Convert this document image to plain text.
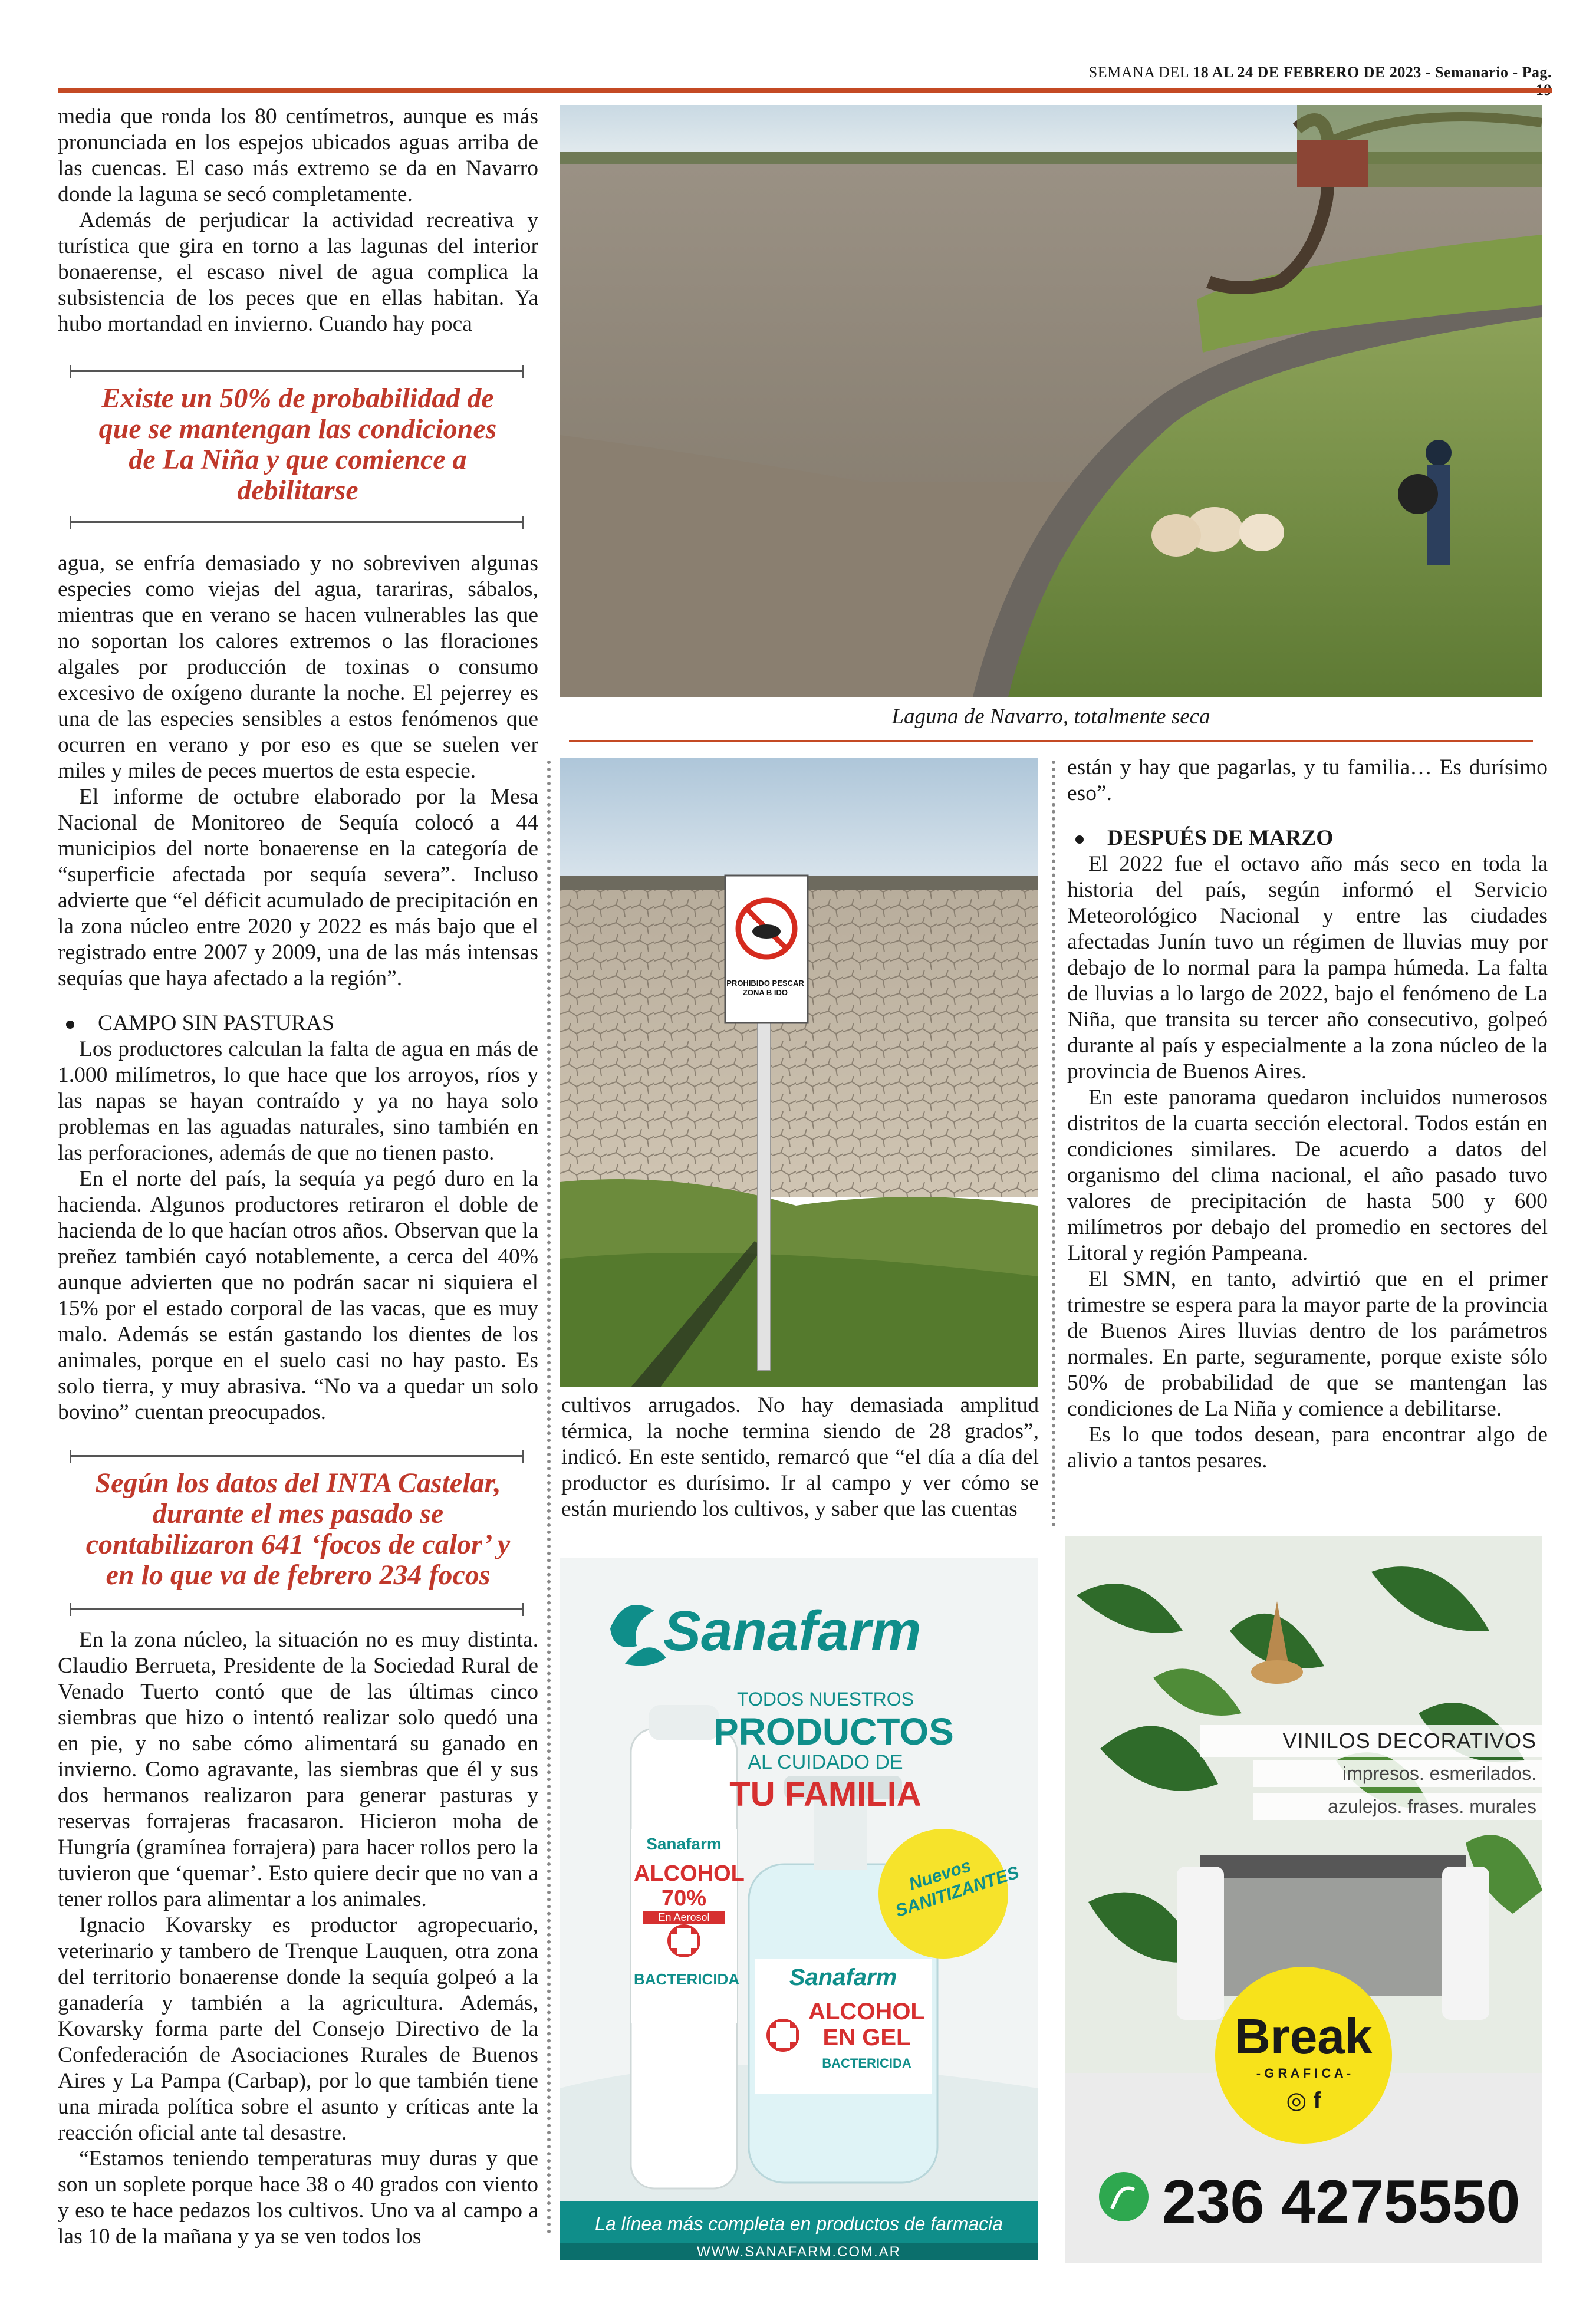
SEMANA DEL 18 AL 24 DE FEBRERO DE 2023 - Semanario - Pag.

media que ronda los 80 centímetros, aunque es más pronunciada en los espejos ubicados aguas arriba de las cuencas. El caso más extremo se da en Navarro donde la laguna se secó completamente.

Además de perjudicar la actividad recreativa y turística que gira en torno a las lagunas del interior bonaerense, el escaso nivel de agua complica la subsistencia de los peces que en ellas habitan. Ya hubo mortandad en invierno. Cuando hay poca

Existe un 50% de probabilidad de que se mantengan las condiciones de La Niña y que comience a debilitarse

agua, se enfría demasiado y no sobreviven algunas especies como viejas del agua, tarariras, sábalos, mientras que en verano se hacen vulnerables las que no soportan los calores extremos o las floraciones algales por producción de toxinas o consumo excesivo de oxígeno durante la noche. El pejerrey es una de las especies sensibles a estos fenómenos que ocurren en verano y por eso es que se suelen ver miles y miles de peces muertos de esta especie.

El informe de octubre elaborado por la Mesa Nacional de Monitoreo de Sequía colocó a 44 municipios del norte bonaerense en la categoría de “superficie afectada por sequía severa”. Incluso advierte que “el déficit acumulado de precipitación en la zona núcleo entre 2020 y 2022 es más bajo que el registrado entre 2007 y 2009, una de las más intensas sequías que haya afectado a la región”.

CAMPO SIN PASTURAS

Los productores calculan la falta de agua en más de 1.000 milímetros, lo que hace que los arroyos, ríos y las napas se hayan contraído y ya no haya solo problemas en las aguadas naturales, sino también en las perforaciones, además de que no tienen pasto.

En el norte del país, la sequía ya pegó duro en la hacienda. Algunos productores retiraron el doble de hacienda de lo que hacían otros años. Observan que la preñez también cayó notablemente, a cerca del 40% aunque advierten que no podrán sacar ni siquiera el 15% por el estado corporal de las vacas, que es muy malo. Además se están gastando los dientes de los animales, porque en el suelo casi no hay pasto. Es solo tierra, y muy abrasiva. “No va a quedar un solo bovino” cuentan preocupados.

Según los datos del INTA Castelar, durante el mes pasado se contabilizaron 641 ‘focos de calor’ y en lo que va de febrero 234 focos

En la zona núcleo, la situación no es muy distinta. Claudio Berrueta, Presidente de la Sociedad Rural de Venado Tuerto contó que de las últimas cinco siembras que hizo o intentó realizar solo quedó una en pie, y no sabe cómo alimentará su ganado en invierno. Como agravante, las siembras que él y sus dos hermanos realizaron para generar pasturas y reservas forrajeras fracasaron. Hicieron moha de Hungría (gramínea forrajera) para hacer rollos pero la tuvieron que ‘quemar’. Esto quiere decir que no van a tener rollos para alimentar a los animales.

Ignacio Kovarsky es productor agropecuario, veterinario y tambero de Trenque Lauquen, otra zona del territorio bonaerense donde la sequía golpeó a la ganadería y también a la agricultura. Además, Kovarsky forma parte del Consejo Directivo de la Confederación de Asociaciones Rurales de Buenos Aires y La Pampa (Carbap), por lo que también tiene una mirada política sobre el asunto y críticas ante la reacción oficial ante tal desastre.

“Estamos teniendo temperaturas muy duras y que son un soplete porque hace 38 o 40 grados con viento y eso te hace pedazos los cultivos. Uno va al campo a las 10 de la mañana y ya se ven todos los

Laguna de Navarro, totalmente seca
PROHIBIDO PESCAR ZONA B IDO

cultivos arrugados. No hay demasiada amplitud térmica, la noche termina siendo de 28 grados”, indicó. En este sentido, remarcó que “el día a día del productor es durísimo. Ir al campo y ver cómo se están muriendo los cultivos, y saber que las cuentas

están y hay que pagarlas, y tu familia… Es durísimo eso”.

DESPUÉS DE MARZO

El 2022 fue el octavo año más seco en toda la historia del país, según informó el Servicio Meteorológico Nacional y entre las ciudades afectadas Junín tuvo un régimen de lluvias muy por debajo de lo normal para la pampa húmeda. La falta de lluvias a lo largo de 2022, bajo el fenómeno de La Niña, que transita su tercer año consecutivo, golpeó durante al país y especialmente a la zona núcleo de la provincia de Buenos Aires.

En este panorama quedaron incluidos numerosos distritos de la cuarta sección electoral. Todos están en condiciones similares. De acuerdo a datos del organismo del clima nacional, el año pasado tuvo valores de precipitación de hasta 500 y 600 milímetros por debajo del promedio en sectores del Litoral y región Pampeana.

El SMN, en tanto, advirtió que en el primer trimestre se espera para la mayor parte de la provincia de Buenos Aires lluvias dentro de los parámetros normales. En parte, seguramente, porque existe sólo 50% de probabilidad de que se mantengan las condiciones de La Niña y comience a debilitarse.

Es lo que todos desean, para encontrar algo de alivio a tantos pesares.

Sanafarm
TODOS NUESTROS
PRODUCTOS
AL CUIDADO DE
TU FAMILIA
Sanafarm
ALCOHOL 70%
En Aerosol
BACTERICIDA	Sanafarm
ALCOHOL EN GEL
BACTERICIDA
Nuevos SANITIZANTES
La línea más completa en productos de farmacia
WWW.SANAFARM.COM.AR
VINILOS DECORATIVOS
impresos. esmerilados.
azulejos. frases. murales
Break
- G R A F I C A -
◎ f
236 4275550
